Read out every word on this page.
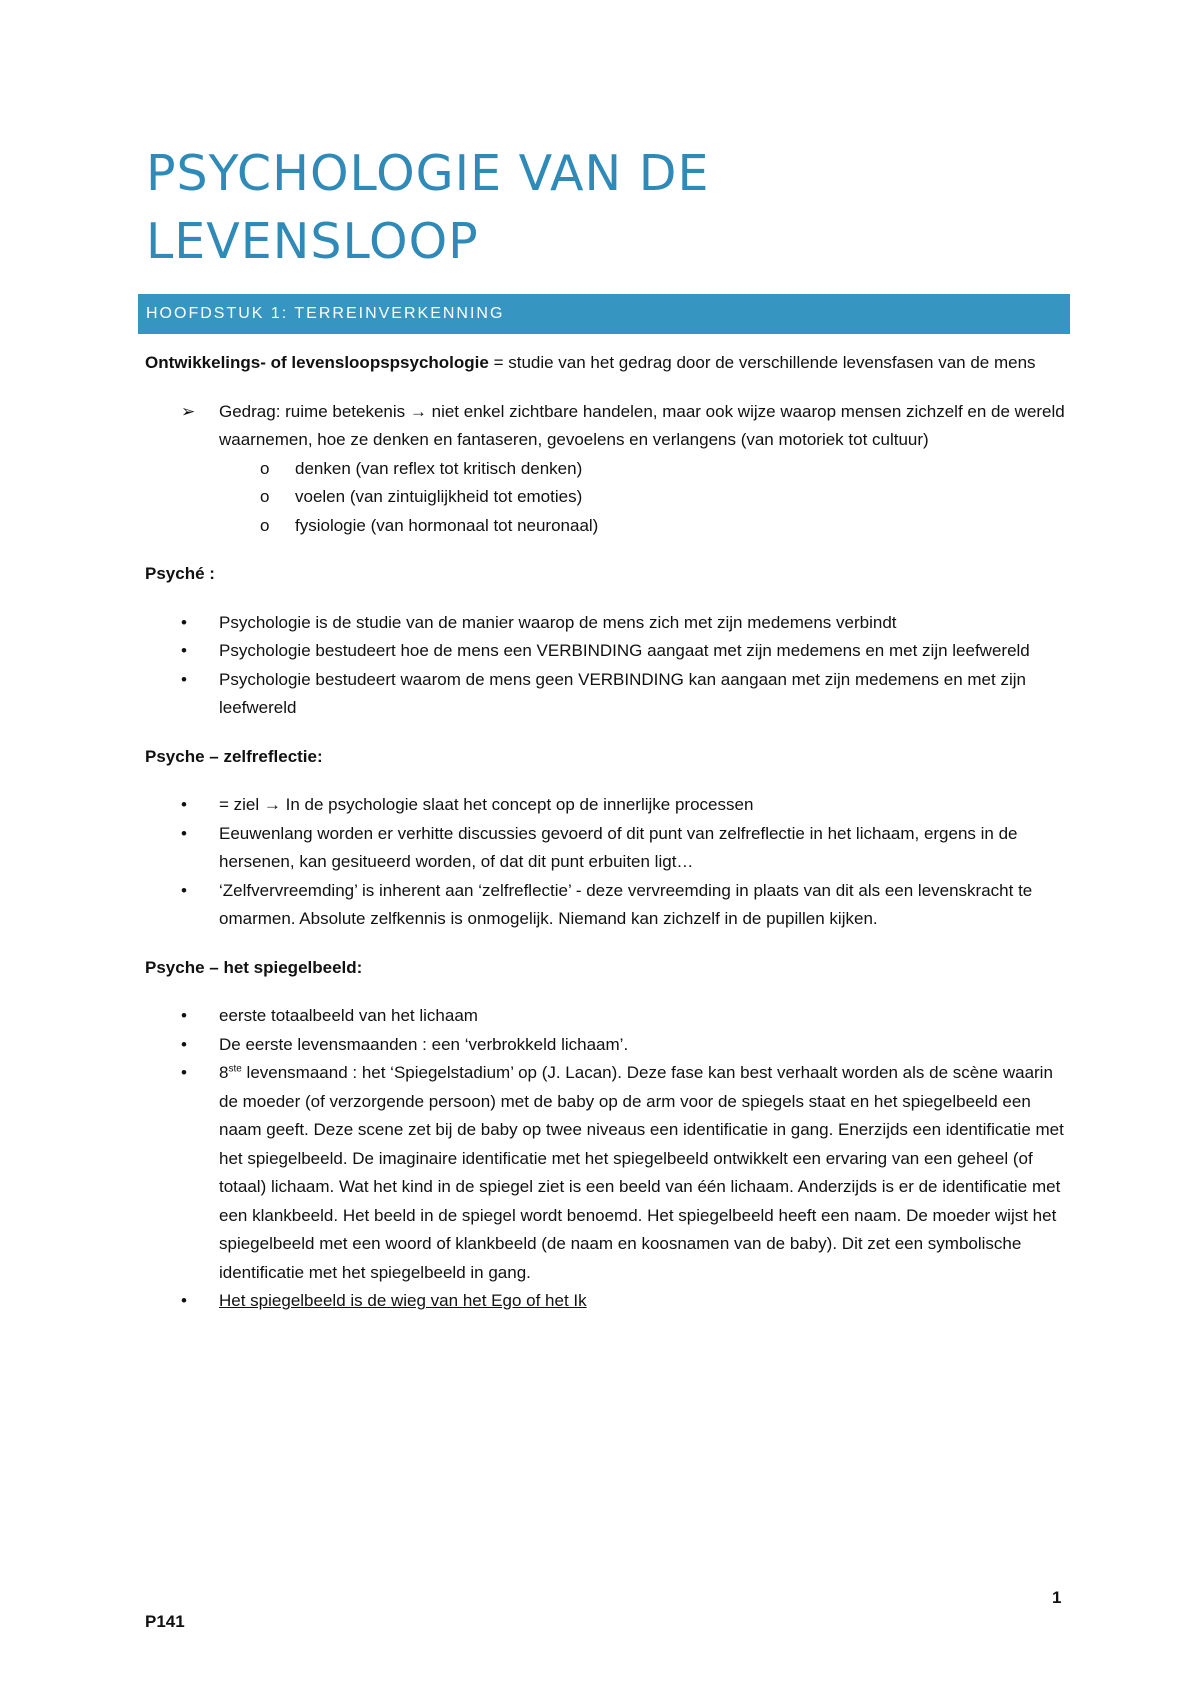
PSYCHOLOGIE VAN DE LEVENSLOOP
HOOFDSTUK 1: TERREINVERKENNING

Ontwikkelings- of levensloopspsychologie = studie van het gedrag door de verschillende levensfasen van de mens

➢ Gedrag: ruime betekenis → niet enkel zichtbare handelen, maar ook wijze waarop mensen zichzelf en de wereld waarnemen, hoe ze denken en fantaseren, gevoelens en verlangens (van motoriek tot cultuur)

o denken (van reflex tot kritisch denken)

o voelen (van zintuiglijkheid tot emoties)

o fysiologie (van hormonaal tot neuronaal)

Psyché :

• Psychologie is de studie van de manier waarop de mens zich met zijn medemens verbindt

• Psychologie bestudeert hoe de mens een VERBINDING aangaat met zijn medemens en met zijn leefwereld

• Psychologie bestudeert waarom de mens geen VERBINDING kan aangaan met zijn medemens en met zijn leefwereld

Psyche – zelfreflectie:

• = ziel → In de psychologie slaat het concept op de innerlijke processen

• Eeuwenlang worden er verhitte discussies gevoerd of dit punt van zelfreflectie in het lichaam, ergens in de hersenen, kan gesitueerd worden, of dat dit punt erbuiten ligt…

• ‘Zelfvervreemding’ is inherent aan ‘zelfreflectie’ - deze vervreemding in plaats van dit als een levenskracht te omarmen. Absolute zelfkennis is onmogelijk. Niemand kan zichzelf in de pupillen kijken.

Psyche – het spiegelbeeld:

• eerste totaalbeeld van het lichaam

• De eerste levensmaanden : een ‘verbrokkeld lichaam’.

• 8ste levensmaand : het ‘Spiegelstadium’ op (J. Lacan). Deze fase kan best verhaalt worden als de scène waarin de moeder (of verzorgende persoon) met de baby op de arm voor de spiegels staat en het spiegelbeeld een naam geeft. Deze scene zet bij de baby op twee niveaus een identificatie in gang. Enerzijds een identificatie met het spiegelbeeld. De imaginaire identificatie met het spiegelbeeld ontwikkelt een ervaring van een geheel (of totaal) lichaam. Wat het kind in de spiegel ziet is een beeld van één lichaam. Anderzijds is er de identificatie met een klankbeeld. Het beeld in de spiegel wordt benoemd. Het spiegelbeeld heeft een naam. De moeder wijst het spiegelbeeld met een woord of klankbeeld (de naam en koosnamen van de baby). Dit zet een symbolische identificatie met het spiegelbeeld in gang.

• Het spiegelbeeld is de wieg van het Ego of het Ik

1
P141
